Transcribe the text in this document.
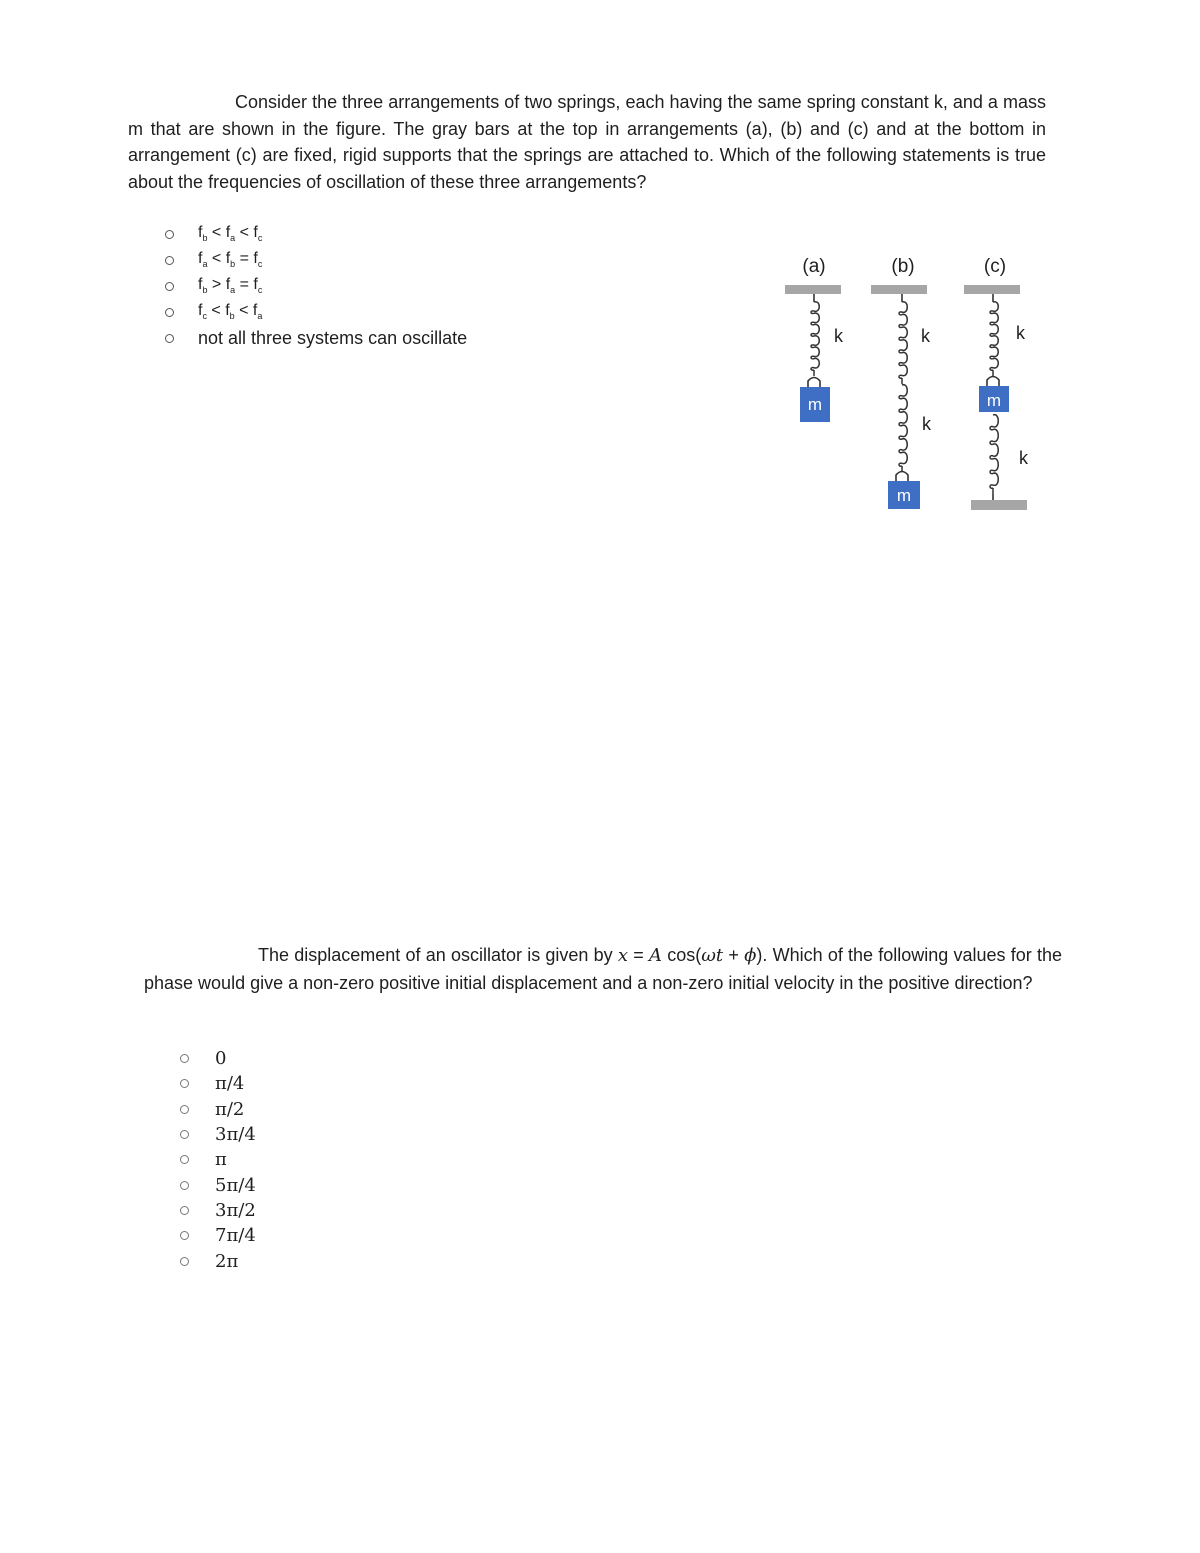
Consider the three arrangements of two springs, each having the same spring constant k, and a mass m that are shown in the figure. The gray bars at the top in arrangements (a), (b) and (c) and at the bottom in arrangement (c) are fixed, rigid supports that the springs are attached to. Which of the following statements is true about the frequencies of oscillation of these three arrangements?

$f_b < f_a < f_c$
$f_a < f_b = f_c$
$f_b > f_a = f_c$
$f_c < f_b < f_a$
not all three systems can oscillate
(a)	(b)	(c)
k
m
k
k
m
k
m
k

The displacement of an oscillator is given by x = A cos(ωt + ϕ). Which of the following values for the phase would give a non-zero positive initial displacement and a non-zero initial velocity in the positive direction?

0
π/4
π/2
3π/4
π
5π/4
3π/2
7π/4
2π
